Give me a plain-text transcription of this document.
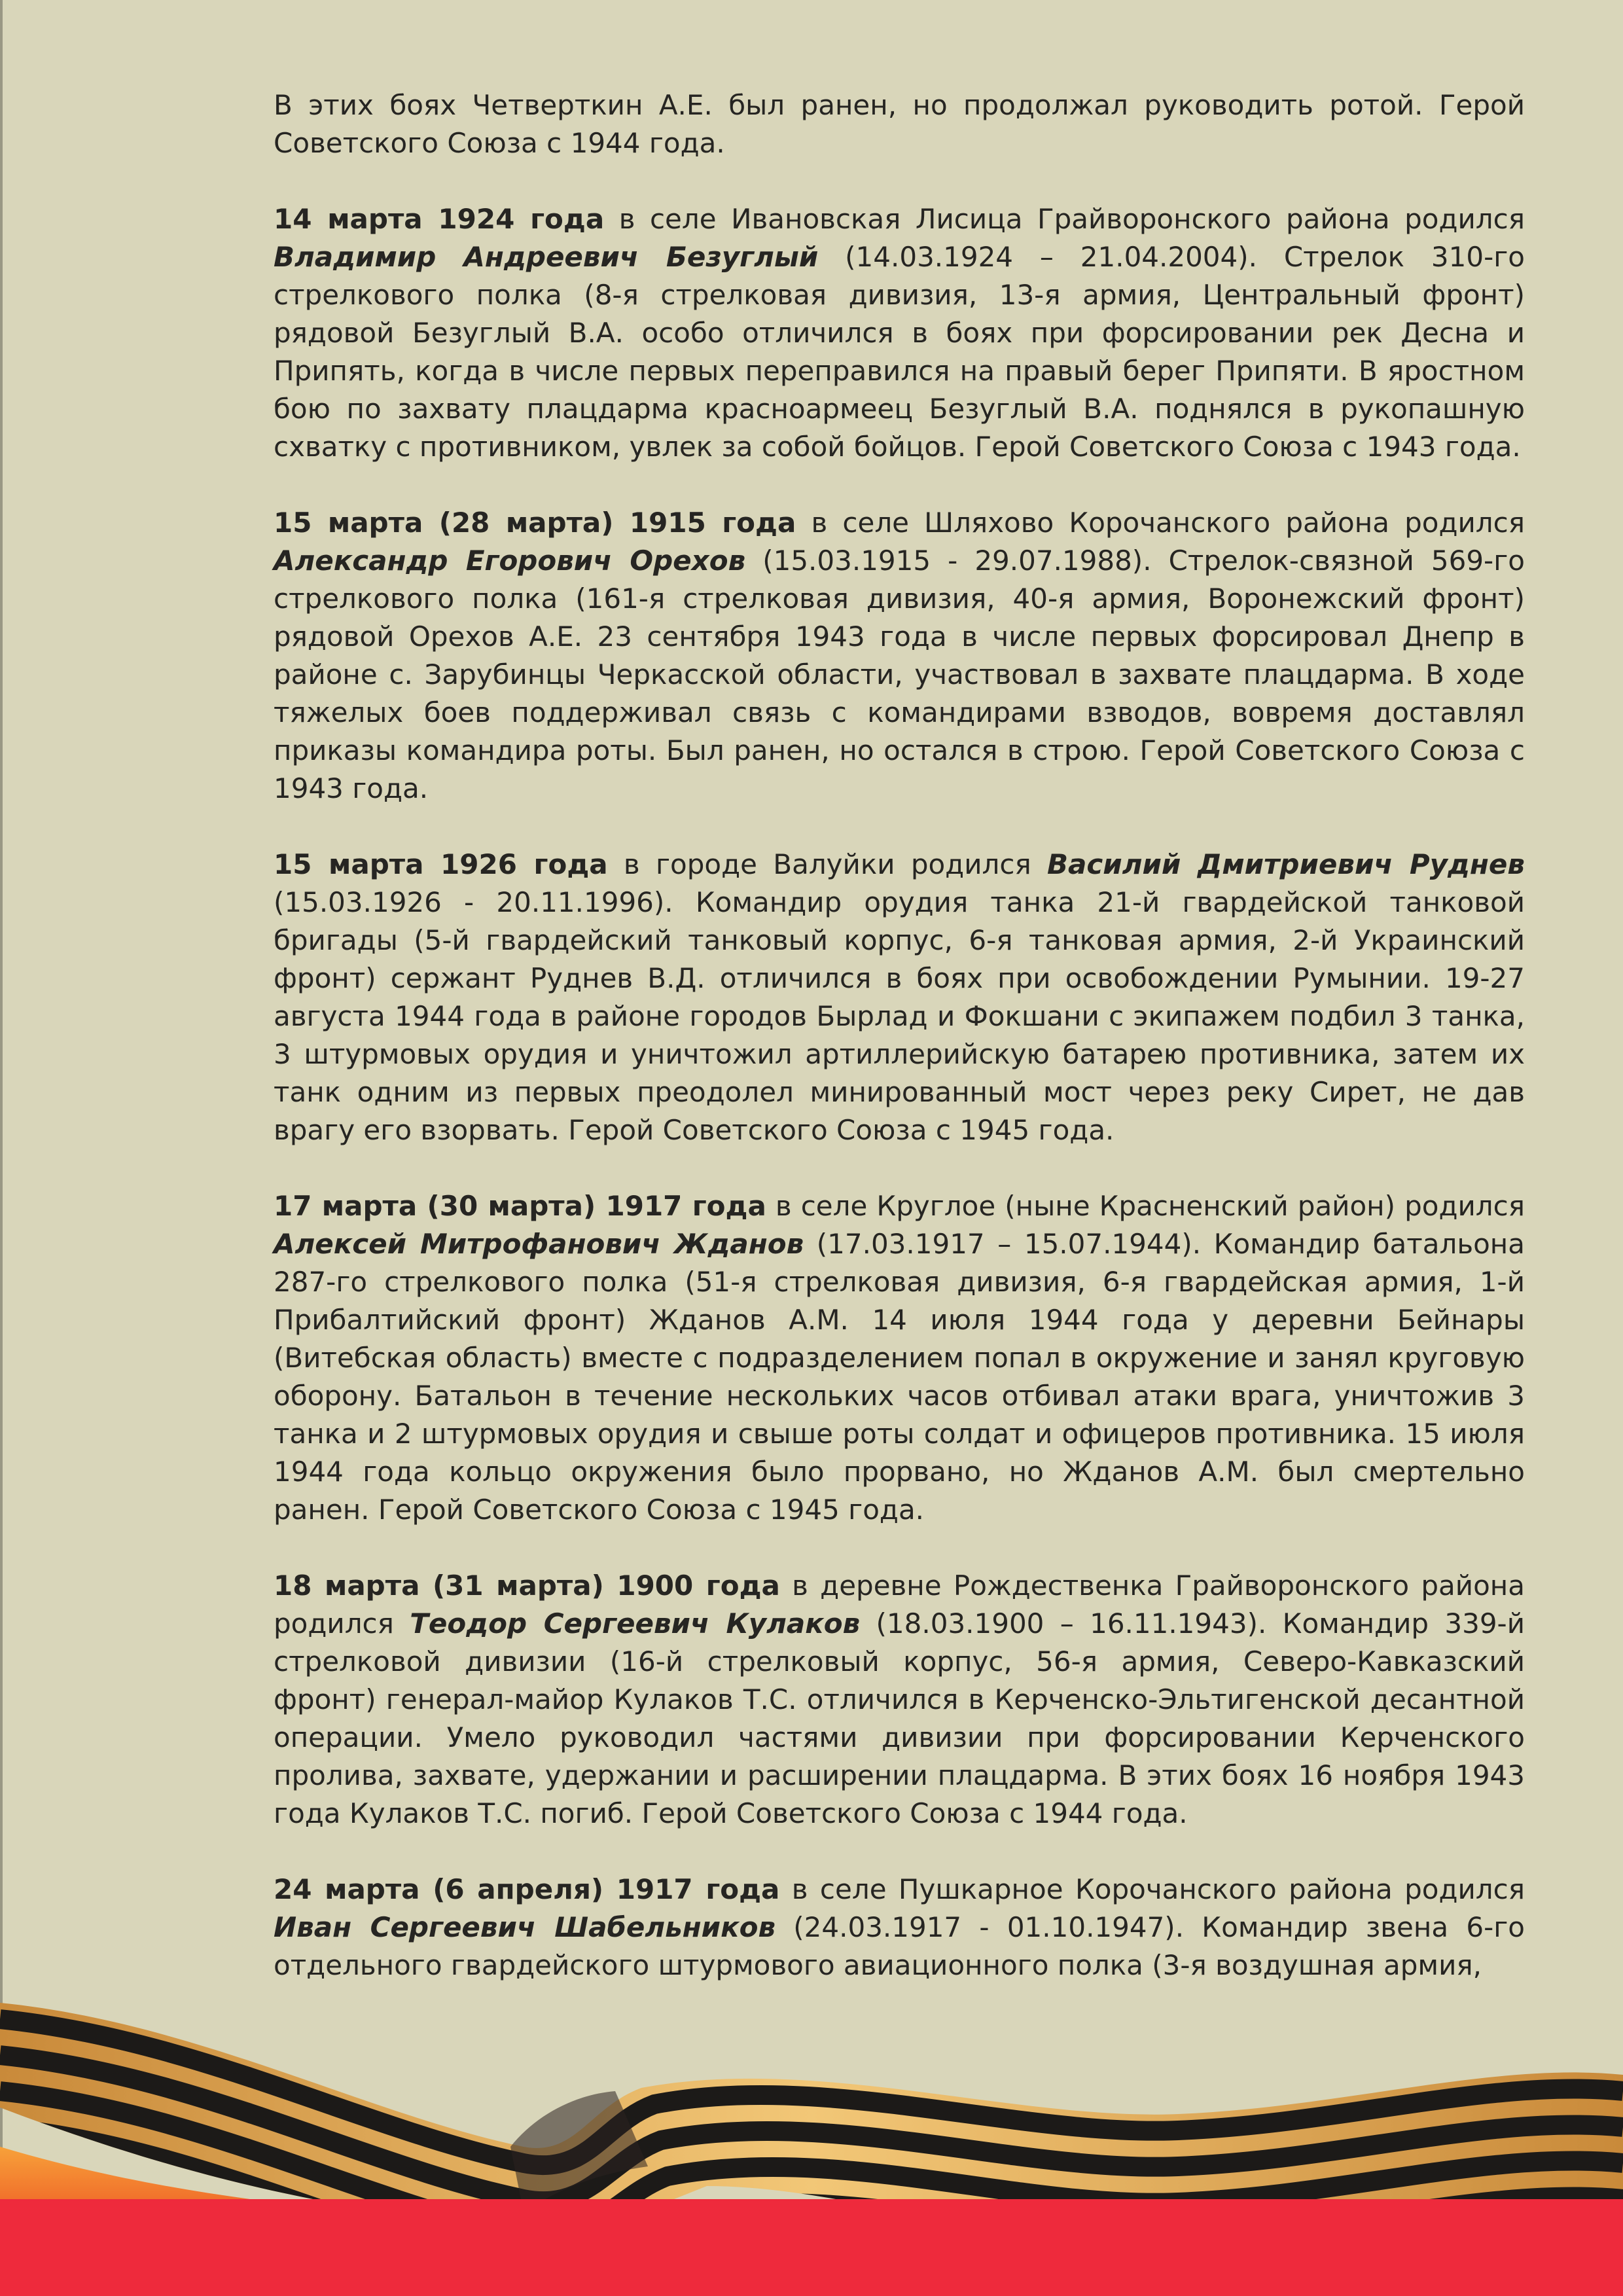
В этих боях Четверткин А.Е. был ранен, но продолжал руководить ротой. Герой Советского Союза с 1944 года.

14 марта 1924 года в селе Ивановская Лисица Грайворонского района родился Владимир Андреевич Безуглый (14.03.1924 – 21.04.2004). Стрелок 310-го стрелкового полка (8-я стрелковая дивизия, 13-я армия, Центральный фронт) рядовой Безуглый В.А. особо отличился в боях при форсировании рек Десна и Припять, когда в числе первых переправился на правый берег Припяти. В яростном бою по захвату плацдарма красноармеец Безуглый В.А. поднялся в рукопашную схватку с противником, увлек за собой бойцов. Герой Советского Союза с 1943 года.

15 марта (28 марта) 1915 года в селе Шляхово Корочанского района родился Александр Егорович Орехов (15.03.1915 - 29.07.1988). Стрелок-связной 569-го стрелкового полка (161-я стрелковая дивизия, 40-я армия, Воронежский фронт) рядовой Орехов А.Е. 23 сентября 1943 года в числе первых форсировал Днепр в районе с. Зарубинцы Черкасской области, участвовал в захвате плацдарма. В ходе тяжелых боев поддерживал связь с командирами взводов, вовремя доставлял приказы командира роты. Был ранен, но остался в строю. Герой Советского Союза с 1943 года.

15 марта 1926 года в городе Валуйки родился Василий Дмитриевич Руднев (15.03.1926 - 20.11.1996). Командир орудия танка 21-й гвардейской танковой бригады (5-й гвардейский танковый корпус, 6-я танковая армия, 2-й Украинский фронт) сержант Руднев В.Д. отличился в боях при освобождении Румынии. 19-27 августа 1944 года в районе городов Бырлад и Фокшани с экипажем подбил 3 танка, 3 штурмовых орудия и уничтожил артиллерийскую батарею противника, затем их танк одним из первых преодолел минированный мост через реку Сирет, не дав врагу его взорвать. Герой Советского Союза с 1945 года.

17 марта (30 марта) 1917 года в селе Круглое (ныне Красненский район) родился Алексей Митрофанович Жданов (17.03.1917 – 15.07.1944). Командир батальона 287-го стрелкового полка (51-я стрелковая дивизия, 6-я гвардейская армия, 1-й Прибалтийский фронт) Жданов А.М. 14 июля 1944 года у деревни Бейнары (Витебская область) вместе с подразделением попал в окружение и занял круговую оборону. Батальон в течение нескольких часов отбивал атаки врага, уничтожив 3 танка и 2 штурмовых орудия и свыше роты солдат и офицеров противника. 15 июля 1944 года кольцо окружения было прорвано, но Жданов А.М. был смертельно ранен. Герой Советского Союза с 1945 года.

18 марта (31 марта) 1900 года в деревне Рождественка Грайворонского района родился Теодор Сергеевич Кулаков (18.03.1900 – 16.11.1943). Командир 339-й стрелковой дивизии (16-й стрелковый корпус, 56-я армия, Северо-Кавказский фронт) генерал-майор Кулаков Т.С. отличился в Керченско-Эльтигенской десантной операции. Умело руководил частями дивизии при форсировании Керченского пролива, захвате, удержании и расширении плацдарма. В этих боях 16 ноября 1943 года Кулаков Т.С. погиб. Герой Советского Союза с 1944 года.

24 марта (6 апреля) 1917 года в селе Пушкарное Корочанского района родился Иван Сергеевич Шабельников (24.03.1917 - 01.10.1947). Командир звена 6-го отдельного гвардейского штурмового авиационного полка (3-я воздушная армия,
